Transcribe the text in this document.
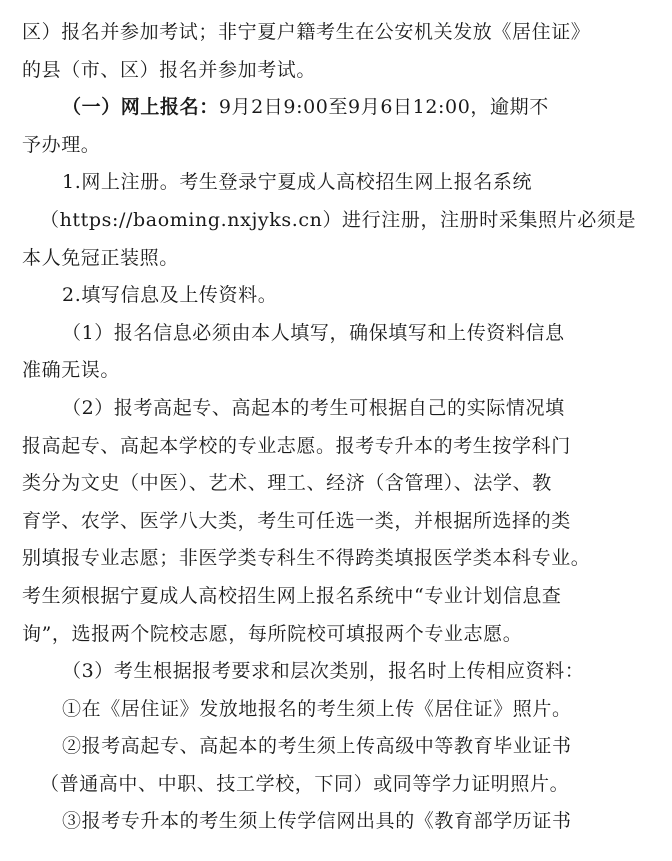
区）报名并参加考试；非宁夏户籍考生在公安机关发放《居住证》
的县（市、区）报名并参加考试。
（一）网上报名：9月2日9:00至9月6日12:00，逾期不
予办理。
1.网上注册。考生登录宁夏成人高校招生网上报名系统
（https://baoming.nxjyks.cn）进行注册，注册时采集照片必须是
本人免冠正装照。
2.填写信息及上传资料。
（1）报名信息必须由本人填写，确保填写和上传资料信息
准确无误。
（2）报考高起专、高起本的考生可根据自己的实际情况填
报高起专、高起本学校的专业志愿。报考专升本的考生按学科门
类分为文史（中医）、艺术、理工、经济（含管理）、法学、教
育学、农学、医学八大类，考生可任选一类，并根据所选择的类
别填报专业志愿；非医学类专科生不得跨类填报医学类本科专业。
考生须根据宁夏成人高校招生网上报名系统中“专业计划信息查
询”，选报两个院校志愿，每所院校可填报两个专业志愿。
（3）考生根据报考要求和层次类别，报名时上传相应资料：
①在《居住证》发放地报名的考生须上传《居住证》照片。
②报考高起专、高起本的考生须上传高级中等教育毕业证书
（普通高中、中职、技工学校，下同）或同等学力证明照片。
③报考专升本的考生须上传学信网出具的《教育部学历证书
